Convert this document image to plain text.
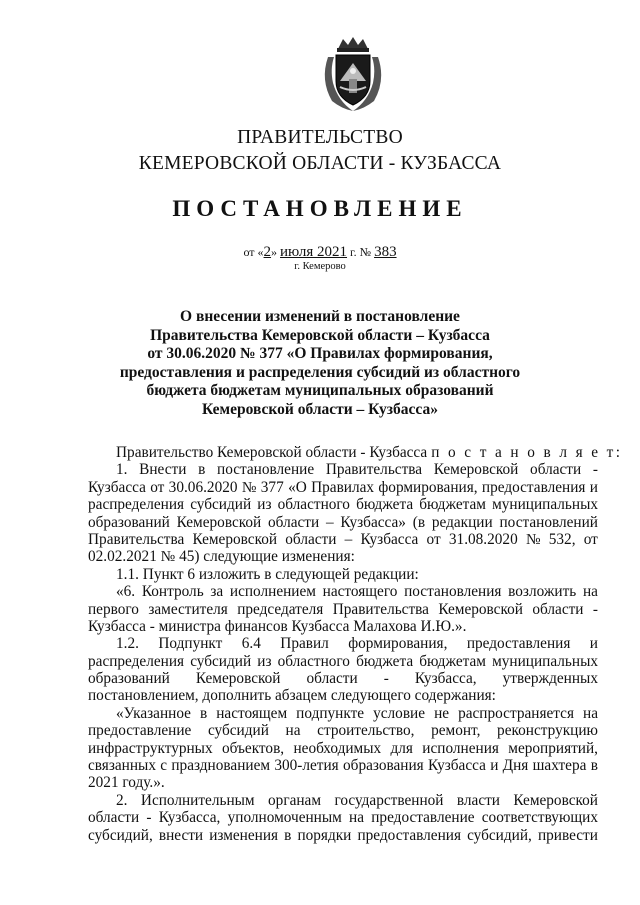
ПРАВИТЕЛЬСТВО
КЕМЕРОВСКОЙ ОБЛАСТИ - КУЗБАССА
ПОСТАНОВЛЕНИЕ
от «2» июля 2021 г. № 383
г. Кемерово
О внесении изменений в постановление
Правительства Кемеровской области – Кузбасса
от 30.06.2020 № 377 «О Правилах формирования,
предоставления и распределения субсидий из областного
бюджета бюджетам муниципальных образований
Кемеровской области – Кузбасса»
Правительство Кемеровской области - Кузбасса п о с т а н о в л я е т:
1. Внести в постановление Правительства Кемеровской области -
Кузбасса от 30.06.2020 № 377 «О Правилах формирования, предоставления и
распределения субсидий из областного бюджета бюджетам муниципальных
образований Кемеровской области – Кузбасса» (в редакции постановлений
Правительства Кемеровской области – Кузбасса от 31.08.2020 № 532, от
02.02.2021 № 45) следующие изменения:
1.1. Пункт 6 изложить в следующей редакции:
«6. Контроль за исполнением настоящего постановления возложить на
первого заместителя председателя Правительства Кемеровской области -
Кузбасса - министра финансов Кузбасса Малахова И.Ю.».
1.2. Подпункт 6.4 Правил формирования, предоставления и
распределения субсидий из областного бюджета бюджетам муниципальных
образований Кемеровской области - Кузбасса, утвержденных
постановлением, дополнить абзацем следующего содержания:
«Указанное в настоящем подпункте условие не распространяется на
предоставление субсидий на строительство, ремонт, реконструкцию
инфраструктурных объектов, необходимых для исполнения мероприятий,
связанных с празднованием 300-летия образования Кузбасса и Дня шахтера в
2021 году.».
2. Исполнительным органам государственной власти Кемеровской
области - Кузбасса, уполномоченным на предоставление соответствующих
субсидий, внести изменения в порядки предоставления субсидий, привести
